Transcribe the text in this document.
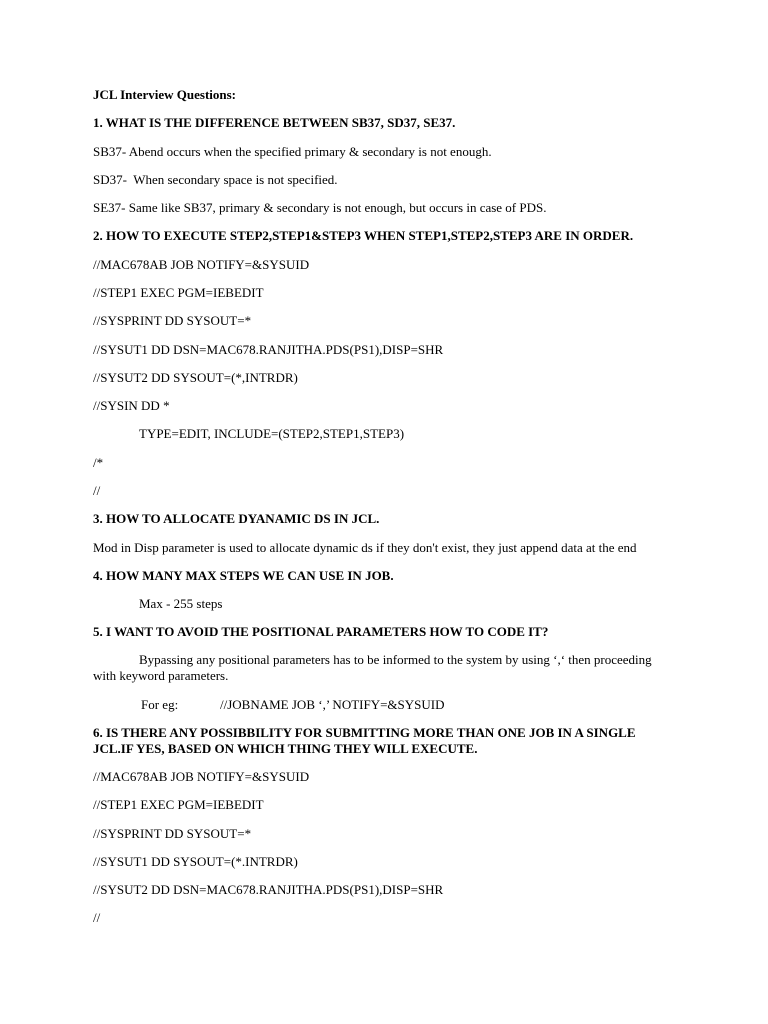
JCL Interview Questions:

1. WHAT IS THE DIFFERENCE BETWEEN SB37, SD37, SE37.

SB37- Abend occurs when the specified primary & secondary is not enough.

SD37-  When secondary space is not specified.

SE37- Same like SB37, primary & secondary is not enough, but occurs in case of PDS.

2. HOW TO EXECUTE STEP2,STEP1&STEP3 WHEN STEP1,STEP2,STEP3 ARE IN ORDER.

//MAC678AB JOB NOTIFY=&SYSUID

//STEP1 EXEC PGM=IEBEDIT

//SYSPRINT DD SYSOUT=*

//SYSUT1 DD DSN=MAC678.RANJITHA.PDS(PS1),DISP=SHR

//SYSUT2 DD SYSOUT=(*,INTRDR)

//SYSIN DD *

TYPE=EDIT, INCLUDE=(STEP2,STEP1,STEP3)

/*

//

3. HOW TO ALLOCATE DYANAMIC DS IN JCL.

Mod in Disp parameter is used to allocate dynamic ds if they don't exist, they just append data at the end

4. HOW MANY MAX STEPS WE CAN USE IN JOB.

Max - 255 steps

5. I WANT TO AVOID THE POSITIONAL PARAMETERS HOW TO CODE IT?

Bypassing any positional parameters has to be informed to the system by using ‘,‘ then proceeding with keyword parameters.

For eg:	//JOBNAME JOB ‘,’ NOTIFY=&SYSUID

6. IS THERE ANY POSSIBBILITY FOR SUBMITTING MORE THAN ONE JOB IN A SINGLE JCL.IF YES, BASED ON WHICH THING THEY WILL EXECUTE.

//MAC678AB JOB NOTIFY=&SYSUID

//STEP1 EXEC PGM=IEBEDIT

//SYSPRINT DD SYSOUT=*

//SYSUT1 DD SYSOUT=(*.INTRDR)

//SYSUT2 DD DSN=MAC678.RANJITHA.PDS(PS1),DISP=SHR

//
